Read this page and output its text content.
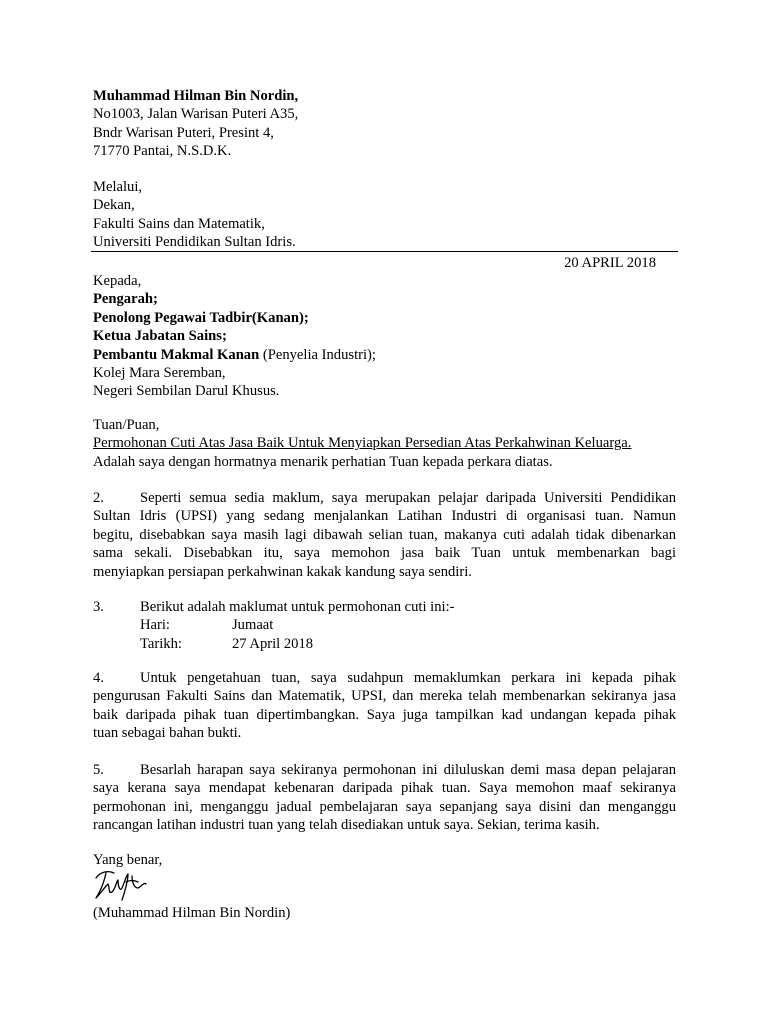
Muhammad Hilman Bin Nordin,
No1003, Jalan Warisan Puteri A35,
Bndr Warisan Puteri, Presint 4,
71770 Pantai, N.S.D.K.
Melalui,
Dekan,
Fakulti Sains dan Matematik,
Universiti Pendidikan Sultan Idris.
20 APRIL 2018
Kepada,
Pengarah;
Penolong Pegawai Tadbir(Kanan);
Ketua Jabatan Sains;
Pembantu Makmal Kanan (Penyelia Industri);
Kolej Mara Seremban,
Negeri Sembilan Darul Khusus.
Tuan/Puan,
Permohonan Cuti Atas Jasa Baik Untuk Menyiapkan Persedian Atas Perkahwinan Keluarga.
Adalah saya dengan hormatnya menarik perhatian Tuan kepada perkara diatas.
2. Seperti semua sedia maklum, saya merupakan pelajar daripada Universiti Pendidikan
Sultan Idris (UPSI) yang sedang menjalankan Latihan Industri di organisasi tuan. Namun
begitu, disebabkan saya masih lagi dibawah selian tuan, makanya cuti adalah tidak dibenarkan
sama sekali. Disebabkan itu, saya memohon jasa baik Tuan untuk membenarkan bagi
menyiapkan persiapan perkahwinan kakak kandung saya sendiri.
3. Berikut adalah maklumat untuk permohonan cuti ini:-
Hari:	Jumaat
Tarikh:	27 April 2018
4. Untuk pengetahuan tuan, saya sudahpun memaklumkan perkara ini kepada pihak
pengurusan Fakulti Sains dan Matematik, UPSI, dan mereka telah membenarkan sekiranya jasa
baik daripada pihak tuan dipertimbangkan. Saya juga tampilkan kad undangan kepada pihak
tuan sebagai bahan bukti.
5. Besarlah harapan saya sekiranya permohonan ini diluluskan demi masa depan pelajaran
saya kerana saya mendapat kebenaran daripada pihak tuan. Saya memohon maaf sekiranya
permohonan ini, menganggu jadual pembelajaran saya sepanjang saya disini dan menganggu
rancangan latihan industri tuan yang telah disediakan untuk saya. Sekian, terima kasih.
Yang benar,
(Muhammad Hilman Bin Nordin)
